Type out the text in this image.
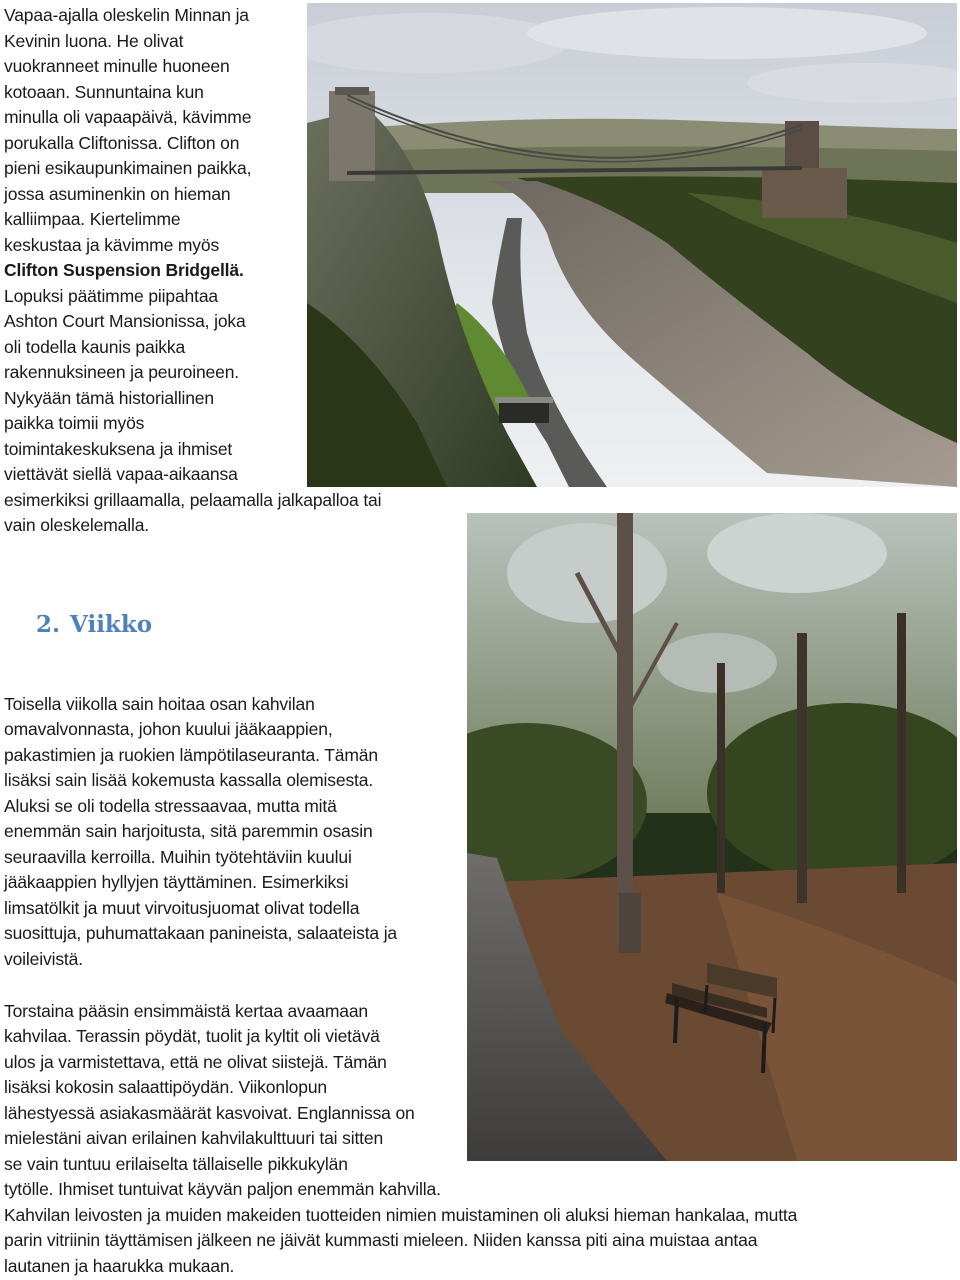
Vapaa-ajalla oleskelin Minnan ja
Kevinin luona. He olivat
vuokranneet minulle huoneen
kotoaan. Sunnuntaina kun
minulla oli vapaapäivä, kävimme
porukalla Cliftonissa. Clifton on
pieni esikaupunkimainen paikka,
jossa asuminenkin on hieman
kalliimpaa. Kiertelimme
keskustaa ja kävimme myös
Clifton Suspension Bridgellä.
Lopuksi päätimme piipahtaa
Ashton Court Mansionissa, joka
oli todella kaunis paikka
rakennuksineen ja peuroineen.
Nykyään tämä historiallinen
paikka toimii myös
toimintakeskuksena ja ihmiset
viettävät siellä vapaa-aikaansa
esimerkiksi grillaamalla, pelaamalla jalkapalloa tai
vain oleskelemalla.
2. Viikko
Toisella viikolla sain hoitaa osan kahvilan
omavalvonnasta, johon kuului jääkaappien,
pakastimien ja ruokien lämpötilaseuranta. Tämän
lisäksi sain lisää kokemusta kassalla olemisesta.
Aluksi se oli todella stressaavaa, mutta mitä
enemmän sain harjoitusta, sitä paremmin osasin
seuraavilla kerroilla. Muihin työtehtäviin kuului
jääkaappien hyllyjen täyttäminen. Esimerkiksi
limsatölkit ja muut virvoitusjuomat olivat todella
suosittuja, puhumattakaan panineista, salaateista ja
voileivistä.
Torstaina pääsin ensimmäistä kertaa avaamaan
kahvilaa. Terassin pöydät, tuolit ja kyltit oli vietävä
ulos ja varmistettava, että ne olivat siistejä. Tämän
lisäksi kokosin salaattipöydän. Viikonlopun
lähestyessä asiakasmäärät kasvoivat. Englannissa on
mielestäni aivan erilainen kahvilakulttuuri tai sitten
se vain tuntuu erilaiselta tällaiselle pikkukylän
tytölle. Ihmiset tuntuivat käyvän paljon enemmän kahvilla.
Kahvilan leivosten ja muiden makeiden tuotteiden nimien muistaminen oli aluksi hieman hankalaa, mutta
parin vitriinin täyttämisen jälkeen ne jäivät kummasti mieleen. Niiden kanssa piti aina muistaa antaa
lautanen ja haarukka mukaan.
